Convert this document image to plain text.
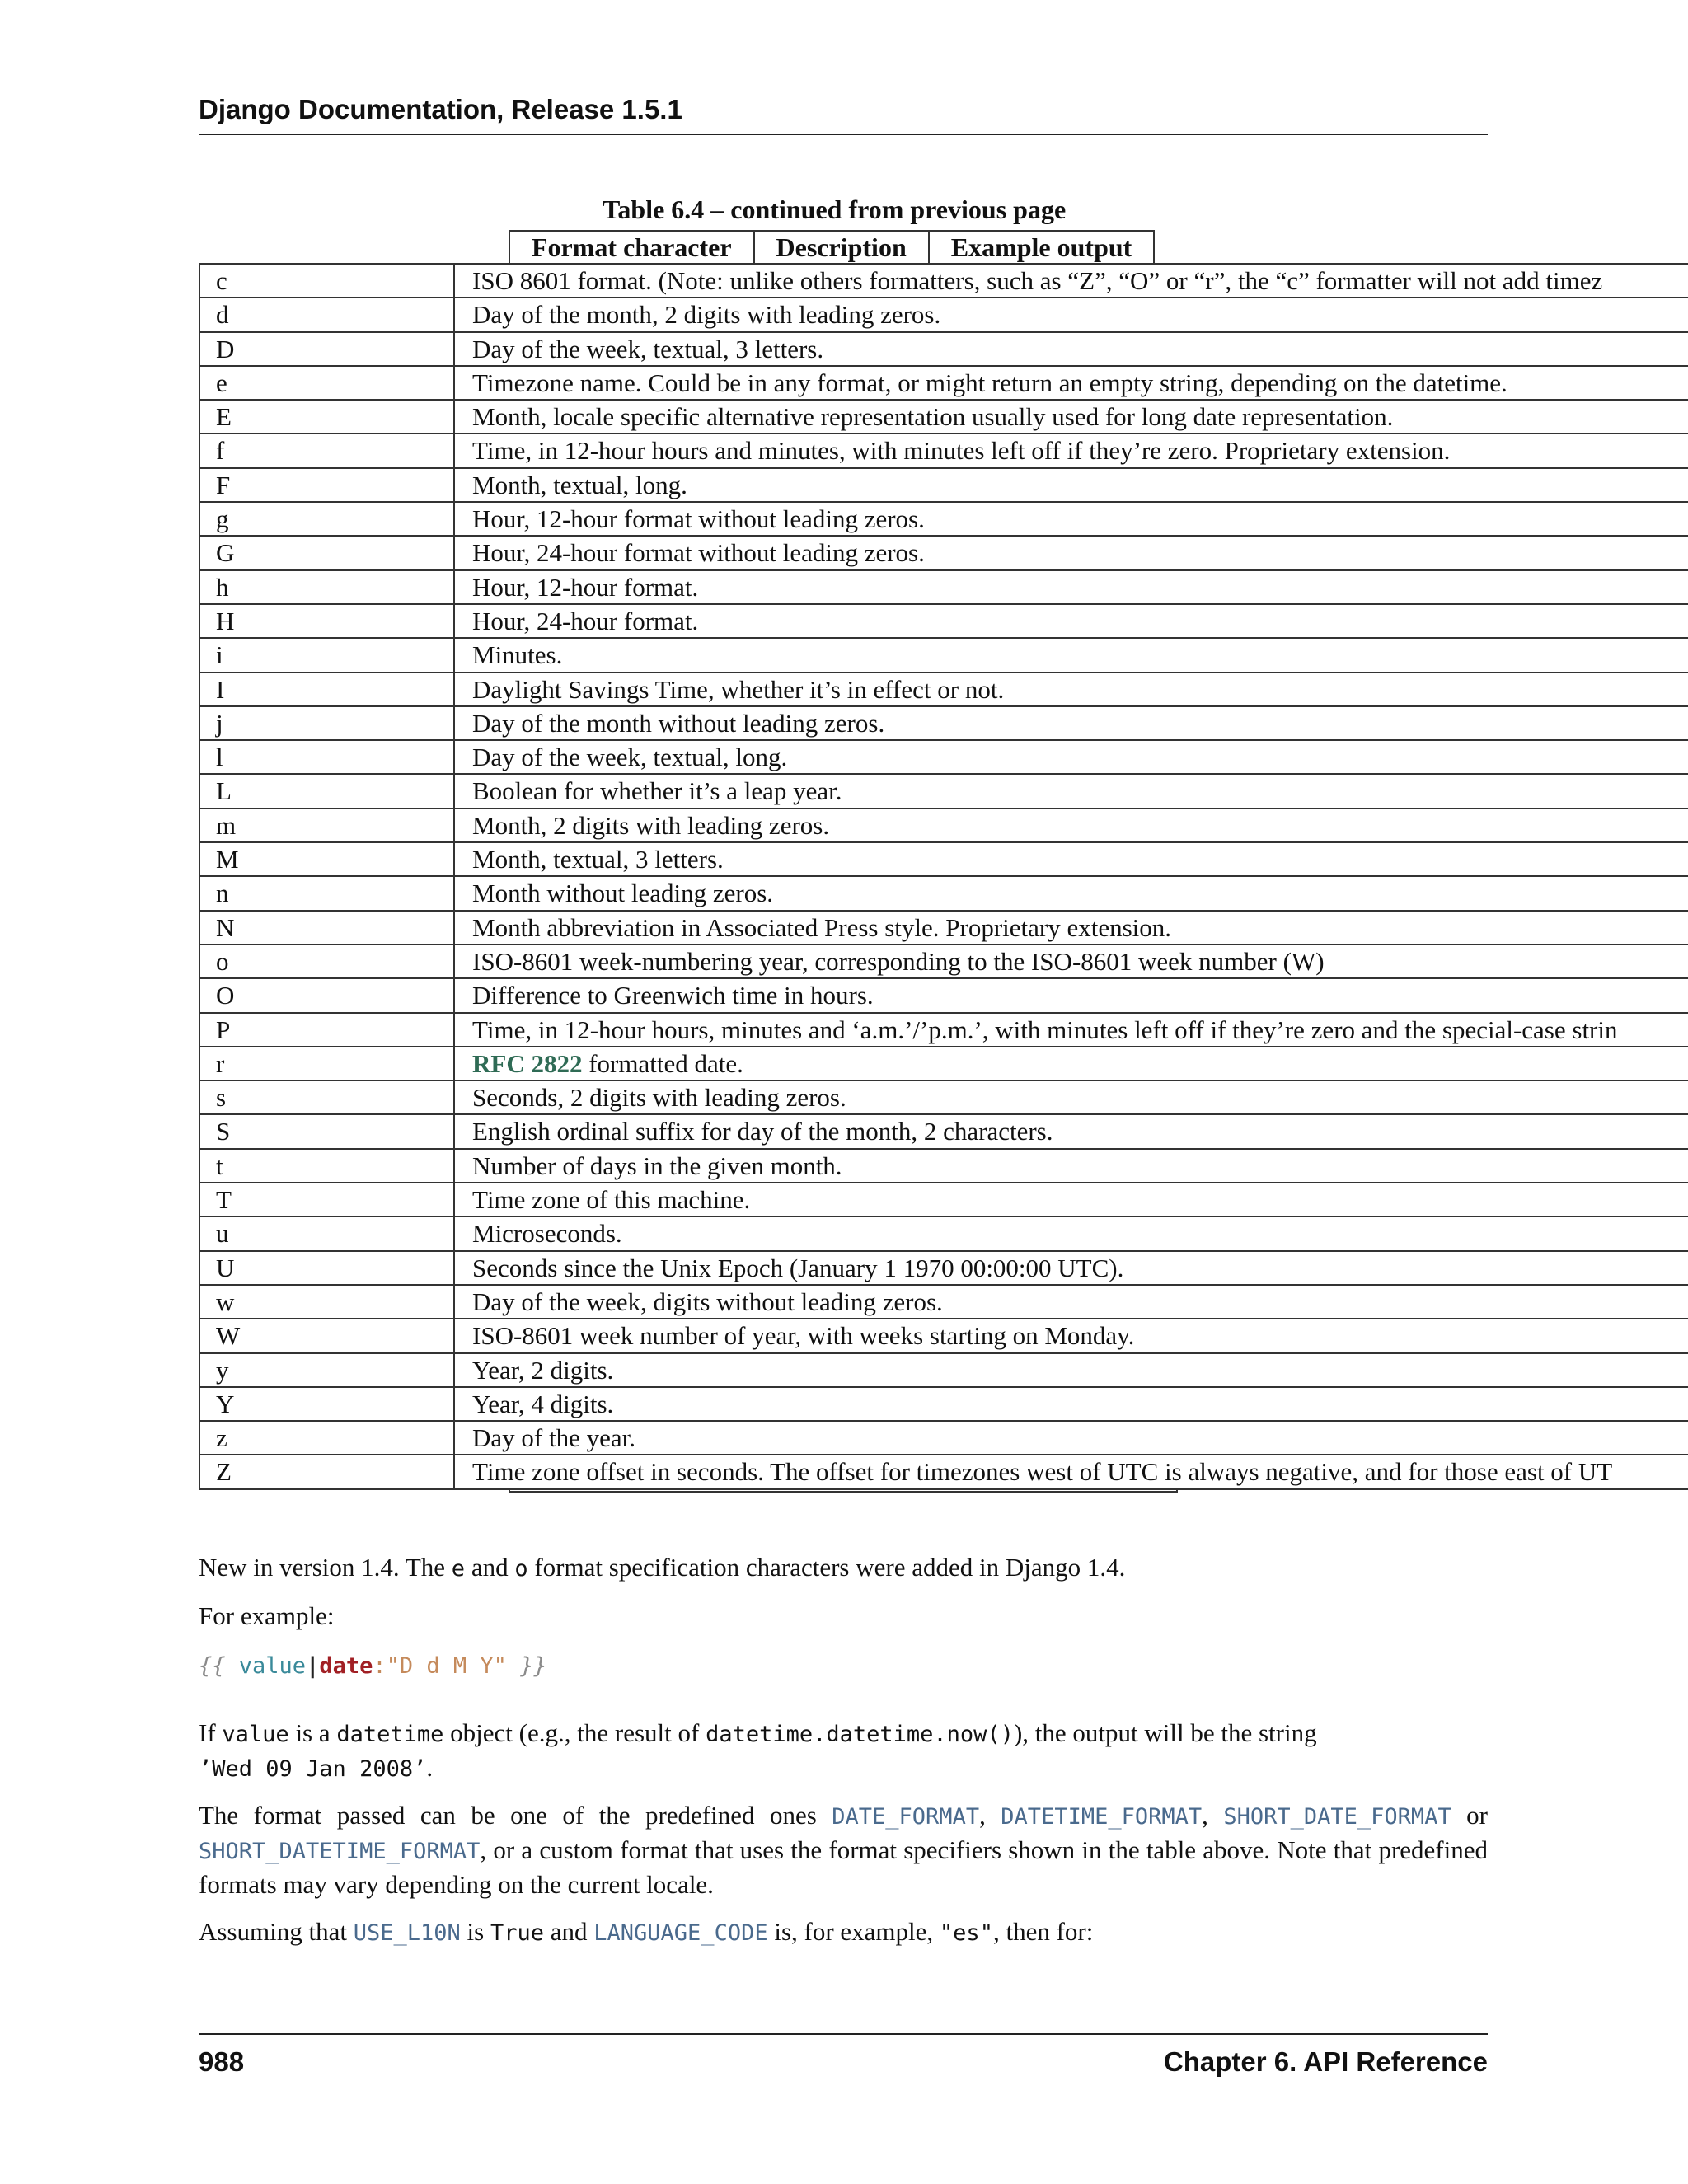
Django Documentation, Release 1.5.1
Table 6.4 – continued from previous page
Format character	Description	Example output
c	ISO 8601 format. (Note: unlike others formatters, such as “Z”, “O” or “r”, the “c” formatter will not add timez
d	Day of the month, 2 digits with leading zeros.
D	Day of the week, textual, 3 letters.
e	Timezone name. Could be in any format, or might return an empty string, depending on the datetime.
E	Month, locale specific alternative representation usually used for long date representation.
f	Time, in 12-hour hours and minutes, with minutes left off if they’re zero. Proprietary extension.
F	Month, textual, long.
g	Hour, 12-hour format without leading zeros.
G	Hour, 24-hour format without leading zeros.
h	Hour, 12-hour format.
H	Hour, 24-hour format.
i	Minutes.
I	Daylight Savings Time, whether it’s in effect or not.
j	Day of the month without leading zeros.
l	Day of the week, textual, long.
L	Boolean for whether it’s a leap year.
m	Month, 2 digits with leading zeros.
M	Month, textual, 3 letters.
n	Month without leading zeros.
N	Month abbreviation in Associated Press style. Proprietary extension.
o	ISO-8601 week-numbering year, corresponding to the ISO-8601 week number (W)
O	Difference to Greenwich time in hours.
P	Time, in 12-hour hours, minutes and ‘a.m.’/’p.m.’, with minutes left off if they’re zero and the special-case strin
r	RFC 2822 formatted date.
s	Seconds, 2 digits with leading zeros.
S	English ordinal suffix for day of the month, 2 characters.
t	Number of days in the given month.
T	Time zone of this machine.
u	Microseconds.
U	Seconds since the Unix Epoch (January 1 1970 00:00:00 UTC).
w	Day of the week, digits without leading zeros.
W	ISO-8601 week number of year, with weeks starting on Monday.
y	Year, 2 digits.
Y	Year, 4 digits.
z	Day of the year.
Z	Time zone offset in seconds. The offset for timezones west of UTC is always negative, and for those east of UT

New in version 1.4. The e and o format specification characters were added in Django 1.4.

For example:

{{ value|date:"D d M Y" }}

If value is a datetime object (e.g., the result of datetime.datetime.now()), the output will be the string
’Wed 09 Jan 2008’.

The format passed can be one of the predefined ones DATE_FORMAT, DATETIME_FORMAT, SHORT_DATE_FORMAT or SHORT_DATETIME_FORMAT, or a custom format that uses the format specifiers shown in the table above. Note that predefined formats may vary depending on the current locale.

Assuming that USE_L10N is True and LANGUAGE_CODE is, for example, "es", then for:

988	Chapter 6. API Reference
